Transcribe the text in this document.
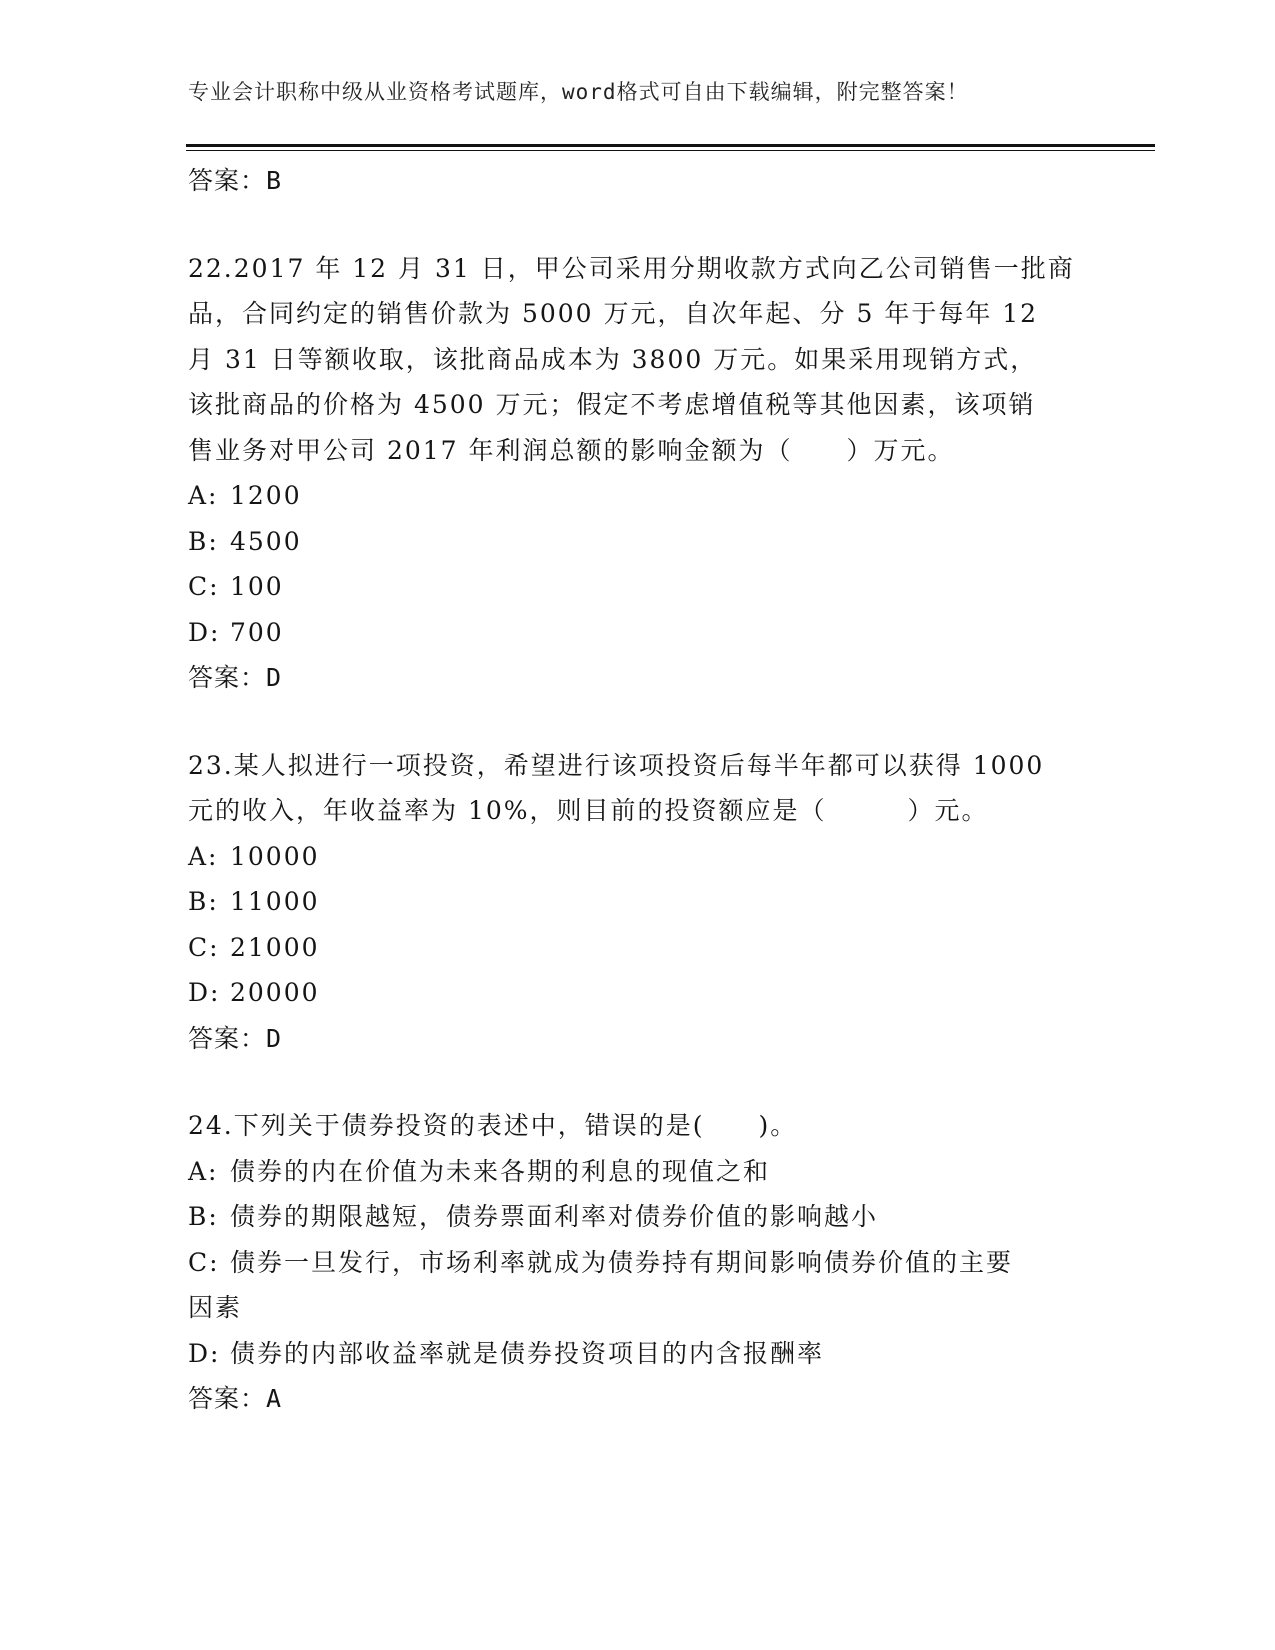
专业会计职称中级从业资格考试题库，word格式可自由下载编辑，附完整答案！
答案：B
22.2017 年 12 月 31 日，甲公司采用分期收款方式向乙公司销售一批商
品，合同约定的销售价款为 5000 万元，自次年起、分 5 年于每年 12
月 31 日等额收取，该批商品成本为 3800 万元。如果采用现销方式，
该批商品的价格为 4500 万元；假定不考虑增值税等其他因素，该项销
售业务对甲公司 2017 年利润总额的影响金额为（　　）万元。
A: 1200
B: 4500
C: 100
D: 700
答案：D
23.某人拟进行一项投资，希望进行该项投资后每半年都可以获得 1000
元的收入，年收益率为 10%，则目前的投资额应是（　　　）元。
A: 10000
B: 11000
C: 21000
D: 20000
答案：D
24.下列关于债券投资的表述中，错误的是(　　)。
A: 债券的内在价值为未来各期的利息的现值之和
B: 债券的期限越短，债券票面利率对债券价值的影响越小
C: 债券一旦发行，市场利率就成为债券持有期间影响债券价值的主要
因素
D: 债券的内部收益率就是债券投资项目的内含报酬率
答案：A
